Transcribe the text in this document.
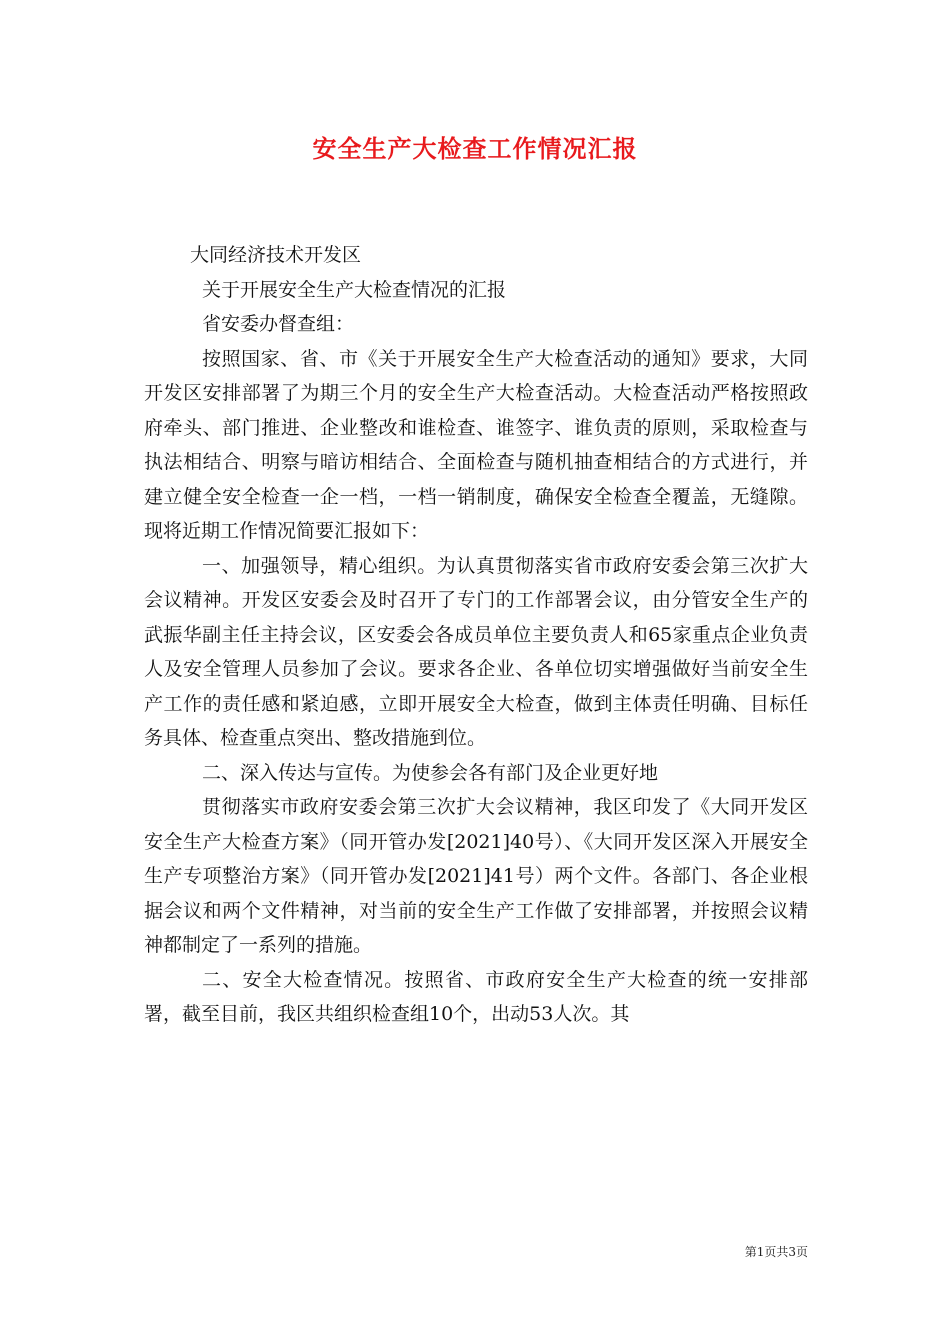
安全生产大检查工作情况汇报

大同经济技术开发区

关于开展安全生产大检查情况的汇报

省安委办督查组：

按照国家、省、市《关于开展安全生产大检查活动的通知》要求，大同开发区安排部署了为期三个月的安全生产大检查活动。大检查活动严格按照政府牵头、部门推进、企业整改和谁检查、谁签字、谁负责的原则，采取检查与执法相结合、明察与暗访相结合、全面检查与随机抽查相结合的方式进行，并建立健全安全检查一企一档，一档一销制度，确保安全检查全覆盖，无缝隙。现将近期工作情况简要汇报如下：

一、加强领导，精心组织。为认真贯彻落实省市政府安委会第三次扩大会议精神。开发区安委会及时召开了专门的工作部署会议，由分管安全生产的武振华副主任主持会议，区安委会各成员单位主要负责人和65家重点企业负责人及安全管理人员参加了会议。要求各企业、各单位切实增强做好当前安全生产工作的责任感和紧迫感，立即开展安全大检查，做到主体责任明确、目标任务具体、检查重点突出、整改措施到位。

二、深入传达与宣传。为使参会各有部门及企业更好地

贯彻落实市政府安委会第三次扩大会议精神，我区印发了《大同开发区安全生产大检查方案》（同开管办发[2021]40号）、《大同开发区深入开展安全生产专项整治方案》（同开管办发[2021]41号）两个文件。各部门、各企业根据会议和两个文件精神，对当前的安全生产工作做了安排部署，并按照会议精神都制定了一系列的措施。

二、安全大检查情况。按照省、市政府安全生产大检查的统一安排部署，截至目前，我区共组织检查组10个，出动53人次。其

第1页共3页
